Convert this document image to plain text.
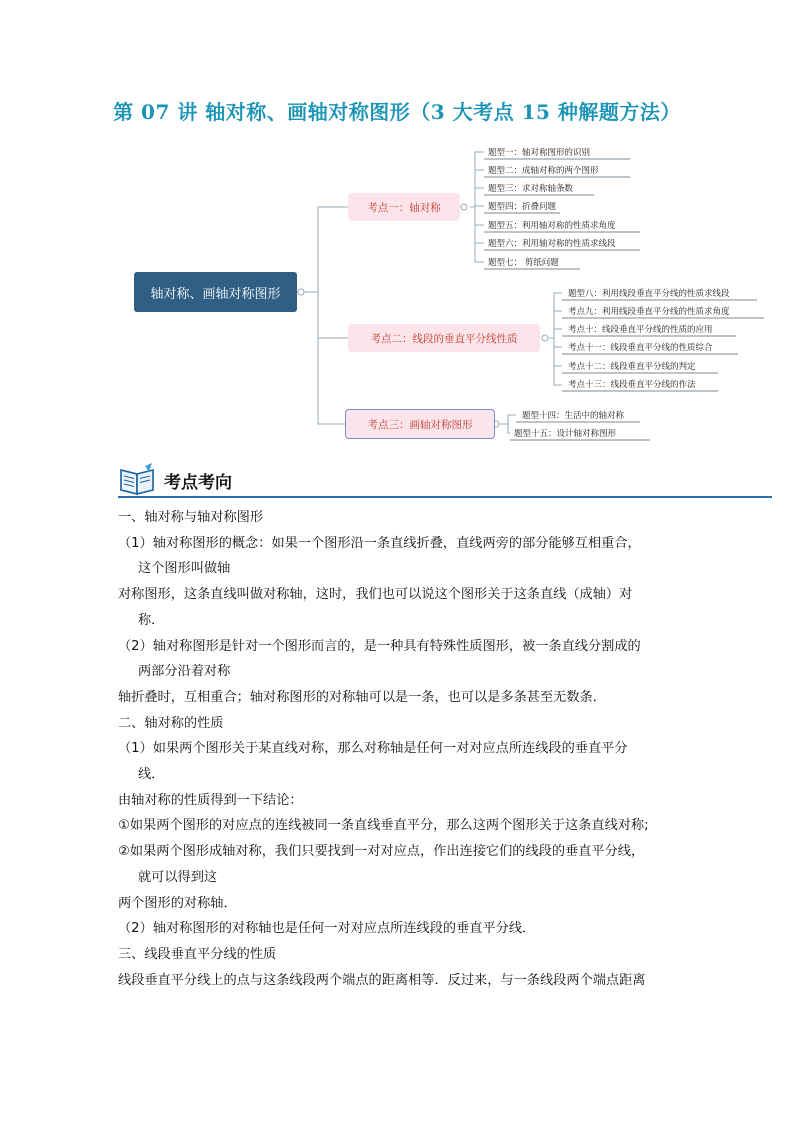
第 07 讲 轴对称、画轴对称图形（3 大考点 15 种解题方法）
轴对称、画轴对称图形
考点一：轴对称
考点二：线段的垂直平分线性质
考点三：画轴对称图形
题型一：轴对称图形的识别
题型二：成轴对称的两个图形
题型三：求对称轴条数
题型四：折叠问题
题型五：利用轴对称的性质求角度
题型六：利用轴对称的性质求线段
题型七： 剪纸问题
题型八：利用线段垂直平分线的性质求线段
考点九：利用线段垂直平分线的性质求角度
考点十：线段垂直平分线的性质的应用
考点十一：线段垂直平分线的性质综合
考点十二：线段垂直平分线的判定
考点十三：线段垂直平分线的作法
题型十四：生活中的轴对称
题型十五：设计轴对称图形
考点考向

一、轴对称与轴对称图形

（1）轴对称图形的概念：如果一个图形沿一条直线折叠，直线两旁的部分能够互相重合，

这个图形叫做轴

对称图形，这条直线叫做对称轴，这时，我们也可以说这个图形关于这条直线（成轴）对

称．

（2）轴对称图形是针对一个图形而言的，是一种具有特殊性质图形，被一条直线分割成的

两部分沿着对称

轴折叠时，互相重合；轴对称图形的对称轴可以是一条，也可以是多条甚至无数条．

二、轴对称的性质

（1）如果两个图形关于某直线对称，那么对称轴是任何一对对应点所连线段的垂直平分

线．

由轴对称的性质得到一下结论：

①如果两个图形的对应点的连线被同一条直线垂直平分，那么这两个图形关于这条直线对称;

②如果两个图形成轴对称，我们只要找到一对对应点，作出连接它们的线段的垂直平分线，

就可以得到这

两个图形的对称轴．

（2）轴对称图形的对称轴也是任何一对对应点所连线段的垂直平分线．

三、线段垂直平分线的性质

线段垂直平分线上的点与这条线段两个端点的距离相等．反过来，与一条线段两个端点距离
